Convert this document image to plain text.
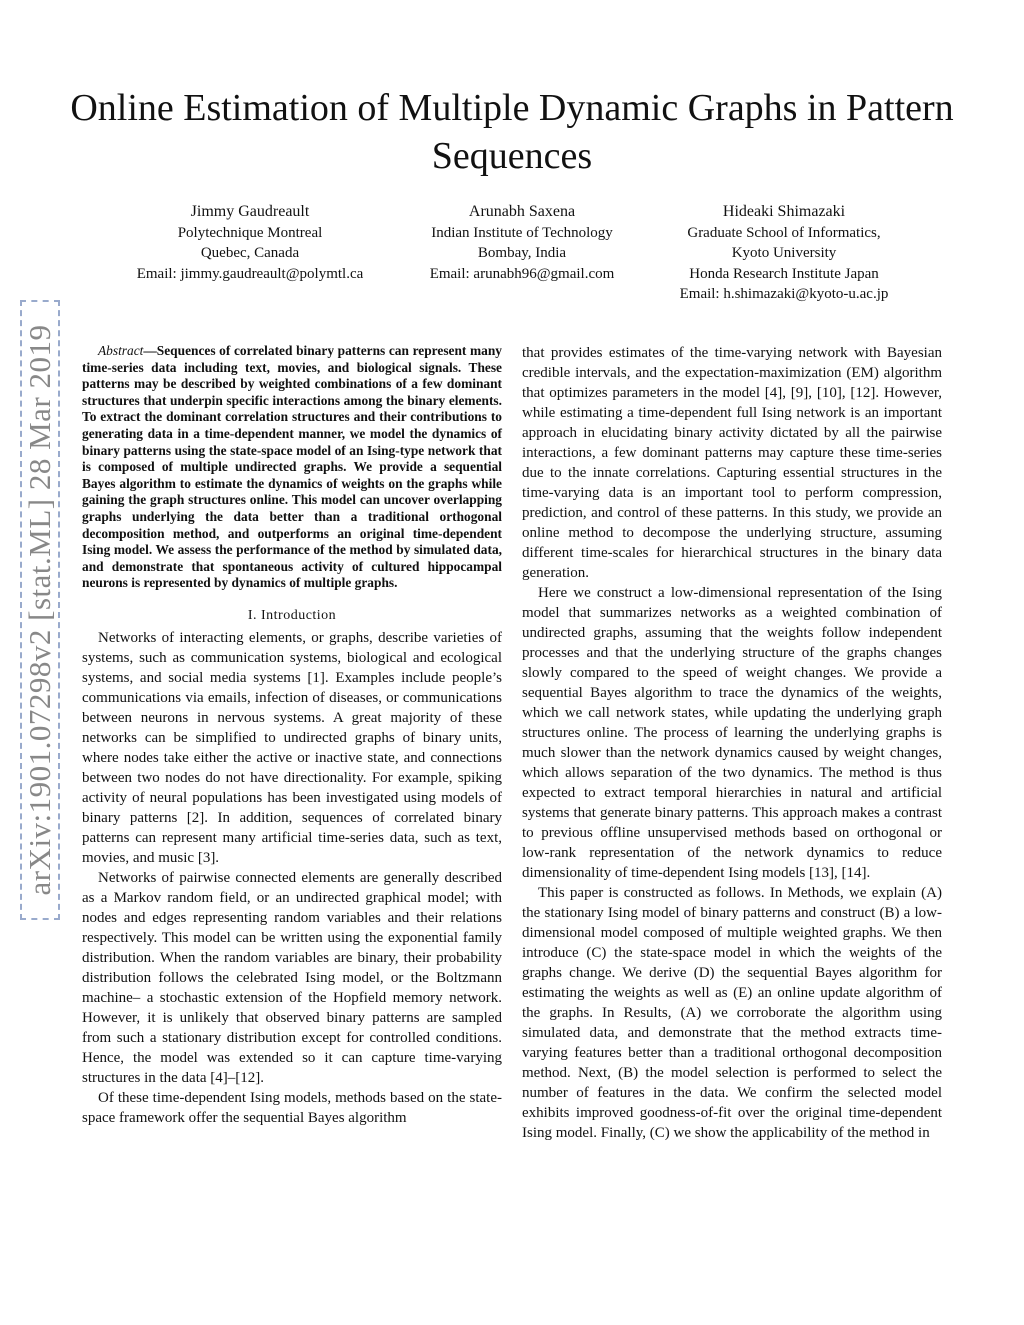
Online Estimation of Multiple Dynamic Graphs in Pattern Sequences
Jimmy Gaudreault
Polytechnique Montreal
Quebec, Canada
Email: jimmy.gaudreault@polymtl.ca
Arunabh Saxena
Indian Institute of Technology
Bombay, India
Email: arunabh96@gmail.com
Hideaki Shimazaki
Graduate School of Informatics,
Kyoto University
Honda Research Institute Japan
Email: h.shimazaki@kyoto-u.ac.jp
arXiv:1901.07298v2 [stat.ML] 28 Mar 2019	Abstract—Sequences of correlated binary patterns can represent many time-series data including text, movies, and biological signals. These patterns may be described by weighted combinations of a few dominant structures that underpin specific interactions among the binary elements. To extract the dominant correlation structures and their contributions to generating data in a time-dependent manner, we model the dynamics of binary patterns using the state-space model of an Ising-type network that is composed of multiple undirected graphs. We provide a sequential Bayes algorithm to estimate the dynamics of weights on the graphs while gaining the graph structures online. This model can uncover overlapping graphs underlying the data better than a traditional orthogonal decomposition method, and outperforms an original time-dependent Ising model. We assess the performance of the method by simulated data, and demonstrate that spontaneous activity of cultured hippocampal neurons is represented by dynamics of multiple graphs.

I. Introduction

Networks of interacting elements, or graphs, describe varieties of systems, such as communication systems, biological and ecological systems, and social media systems [1]. Examples include people’s communications via emails, infection of diseases, or communications between neurons in nervous systems. A great majority of these networks can be simplified to undirected graphs of binary units, where nodes take either the active or inactive state, and connections between two nodes do not have directionality. For example, spiking activity of neural populations has been investigated using models of binary patterns [2]. In addition, sequences of correlated binary patterns can represent many artificial time-series data, such as text, movies, and music [3].

Networks of pairwise connected elements are generally described as a Markov random field, or an undirected graphical model; with nodes and edges representing random variables and their relations respectively. This model can be written using the exponential family distribution. When the random variables are binary, their probability distribution follows the celebrated Ising model, or the Boltzmann machine– a stochastic extension of the Hopfield memory network. However, it is unlikely that observed binary patterns are sampled from such a stationary distribution except for controlled conditions. Hence, the model was extended so it can capture time-varying structures in the data [4]–[12].

Of these time-dependent Ising models, methods based on the state-space framework offer the sequential Bayes algorithm

that provides estimates of the time-varying network with Bayesian credible intervals, and the expectation-maximization (EM) algorithm that optimizes parameters in the model [4], [9], [10], [12]. However, while estimating a time-dependent full Ising network is an important approach in elucidating binary activity dictated by all the pairwise interactions, a few dominant patterns may capture these time-series due to the innate correlations. Capturing essential structures in the time-varying data is an important tool to perform compression, prediction, and control of these patterns. In this study, we provide an online method to decompose the underlying structure, assuming different time-scales for hierarchical structures in the binary data generation.

Here we construct a low-dimensional representation of the Ising model that summarizes networks as a weighted combination of undirected graphs, assuming that the weights follow independent processes and that the underlying structure of the graphs changes slowly compared to the speed of weight changes. We provide a sequential Bayes algorithm to trace the dynamics of the weights, which we call network states, while updating the underlying graph structures online. The process of learning the underlying graphs is much slower than the network dynamics caused by weight changes, which allows separation of the two dynamics. The method is thus expected to extract temporal hierarchies in natural and artificial systems that generate binary patterns. This approach makes a contrast to previous offline unsupervised methods based on orthogonal or low-rank representation of the network dynamics to reduce dimensionality of time-dependent Ising models [13], [14].

This paper is constructed as follows. In Methods, we explain (A) the stationary Ising model of binary patterns and construct (B) a low-dimensional model composed of multiple weighted graphs. We then introduce (C) the state-space model in which the weights of the graphs change. We derive (D) the sequential Bayes algorithm for estimating the weights as well as (E) an online update algorithm of the graphs. In Results, (A) we corroborate the algorithm using simulated data, and demonstrate that the method extracts time-varying features better than a traditional orthogonal decomposition method. Next, (B) the model selection is performed to select the number of features in the data. We confirm the selected model exhibits improved goodness-of-fit over the original time-dependent Ising model. Finally, (C) we show the applicability of the method in
